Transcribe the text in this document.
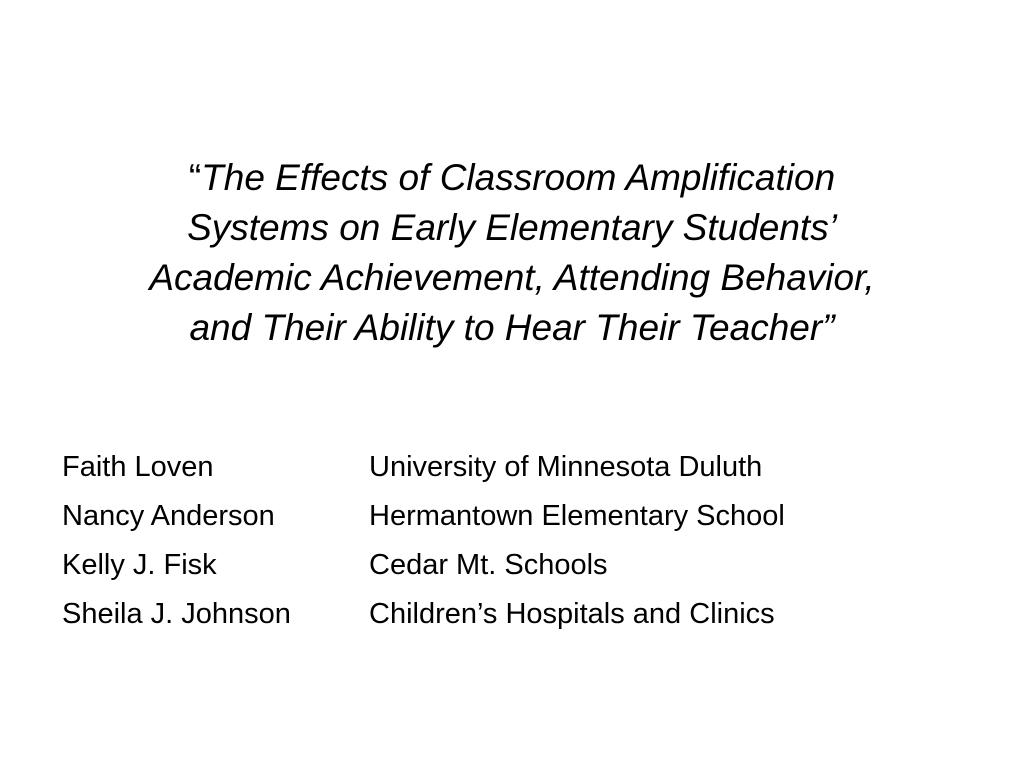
“The Effects of Classroom Amplification
Systems on Early Elementary Students’
Academic Achievement, Attending Behavior,
and Their Ability to Hear Their Teacher”
Faith Loven	University of Minnesota Duluth
Nancy Anderson	Hermantown Elementary School
Kelly J. Fisk	Cedar Mt. Schools
Sheila J. Johnson	Children’s Hospitals and Clinics
